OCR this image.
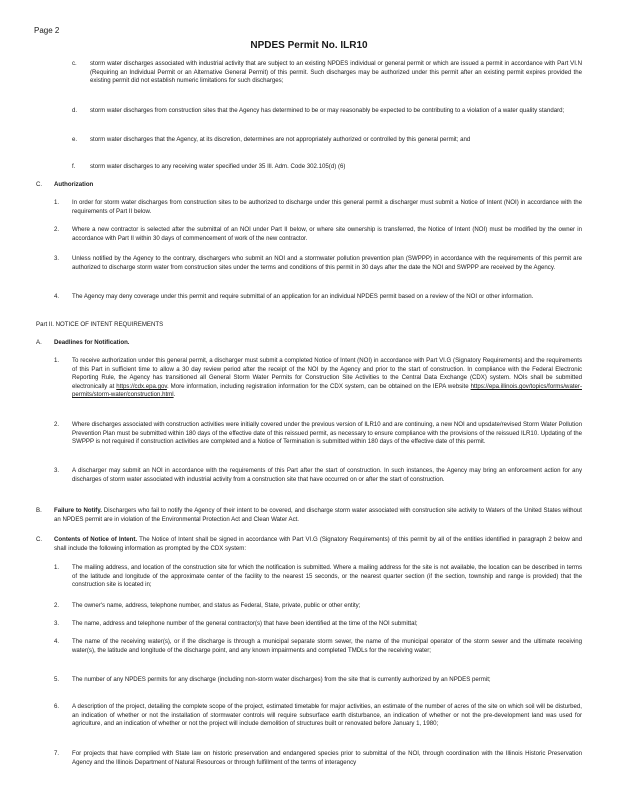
Page 2
NPDES Permit No. ILR10
c. storm water discharges associated with industrial activity that are subject to an existing NPDES individual or general permit or which are issued a permit in accordance with Part VI.N (Requiring an Individual Permit or an Alternative General Permit) of this permit. Such discharges may be authorized under this permit after an existing permit expires provided the existing permit did not establish numeric limitations for such discharges;
d. storm water discharges from construction sites that the Agency has determined to be or may reasonably be expected to be contributing to a violation of a water quality standard;
e. storm water discharges that the Agency, at its discretion, determines are not appropriately authorized or controlled by this general permit; and
f. storm water discharges to any receiving water specified under 35 Ill. Adm. Code 302.105(d) (6)
C. Authorization
1. In order for storm water discharges from construction sites to be authorized to discharge under this general permit a discharger must submit a Notice of Intent (NOI) in accordance with the requirements of Part II below.
2. Where a new contractor is selected after the submittal of an NOI under Part II below, or where site ownership is transferred, the Notice of Intent (NOI) must be modified by the owner in accordance with Part II within 30 days of commencement of work of the new contractor.
3. Unless notified by the Agency to the contrary, dischargers who submit an NOI and a stormwater pollution prevention plan (SWPPP) in accordance with the requirements of this permit are authorized to discharge storm water from construction sites under the terms and conditions of this permit in 30 days after the date the NOI and SWPPP are received by the Agency.
4. The Agency may deny coverage under this permit and require submittal of an application for an individual NPDES permit based on a review of the NOI or other information.
Part II. NOTICE OF INTENT REQUIREMENTS
A. Deadlines for Notification.
1. To receive authorization under this general permit, a discharger must submit a completed Notice of Intent (NOI) in accordance with Part VI.G (Signatory Requirements) and the requirements of this Part in sufficient time to allow a 30 day review period after the receipt of the NOI by the Agency and prior to the start of construction. In compliance with the Federal Electronic Reporting Rule, the Agency has transitioned all General Storm Water Permits for Construction Site Activities to the Central Data Exchange (CDX) system. NOIs shall be submitted electronically at https://cdx.epa.gov. More information, including registration information for the CDX system, can be obtained on the IEPA website https://epa.illinois.gov/topics/forms/water-permits/storm-water/construction.html.
2. Where discharges associated with construction activities were initially covered under the previous version of ILR10 and are continuing, a new NOI and upsdate/revised Storm Water Pollution Prevention Plan must be submitted within 180 days of the effective date of this reissued permit, as necessary to ensure compliance with the provisions of the reissued ILR10. Updating of the SWPPP is not required if construction activities are completed and a Notice of Termination is submitted within 180 days of the effective date of this permit.
3. A discharger may submit an NOI in accordance with the requirements of this Part after the start of construction. In such instances, the Agency may bring an enforcement action for any discharges of storm water associated with industrial activity from a construction site that have occurred on or after the start of construction.
B. Failure to Notify. Dischargers who fail to notify the Agency of their intent to be covered, and discharge storm water associated with construction site activity to Waters of the United States without an NPDES permit are in violation of the Environmental Protection Act and Clean Water Act.
C. Contents of Notice of Intent. The Notice of Intent shall be signed in accordance with Part VI.G (Signatory Requirements) of this permit by all of the entities identified in paragraph 2 below and shall include the following information as prompted by the CDX system:
1. The mailing address, and location of the construction site for which the notification is submitted. Where a mailing address for the site is not available, the location can be described in terms of the latitude and longitude of the approximate center of the facility to the nearest 15 seconds, or the nearest quarter section (if the section, township and range is provided) that the construction site is located in;
2. The owner's name, address, telephone number, and status as Federal, State, private, public or other entity;
3. The name, address and telephone number of the general contractor(s) that have been identified at the time of the NOI submittal;
4. The name of the receiving water(s), or if the discharge is through a municipal separate storm sewer, the name of the municipal operator of the storm sewer and the ultimate receiving water(s), the latitude and longitude of the discharge point, and any known impairments and completed TMDLs for the receiving water;
5. The number of any NPDES permits for any discharge (including non-storm water discharges) from the site that is currently authorized by an NPDES permit;
6. A description of the project, detailing the complete scope of the project, estimated timetable for major activities, an estimate of the number of acres of the site on which soil will be disturbed, an indication of whether or not the installation of stormwater controls will require subsurface earth disturbance, an indication of whether or not the pre-development land was used for agriculture, and an indication of whether or not the project will include demolition of structures built or renovated before January 1, 1980;
7. For projects that have complied with State law on historic preservation and endangered species prior to submittal of the NOI, through coordination with the Illinois Historic Preservation Agency and the Illinois Department of Natural Resources or through fulfillment of the terms of interagency
